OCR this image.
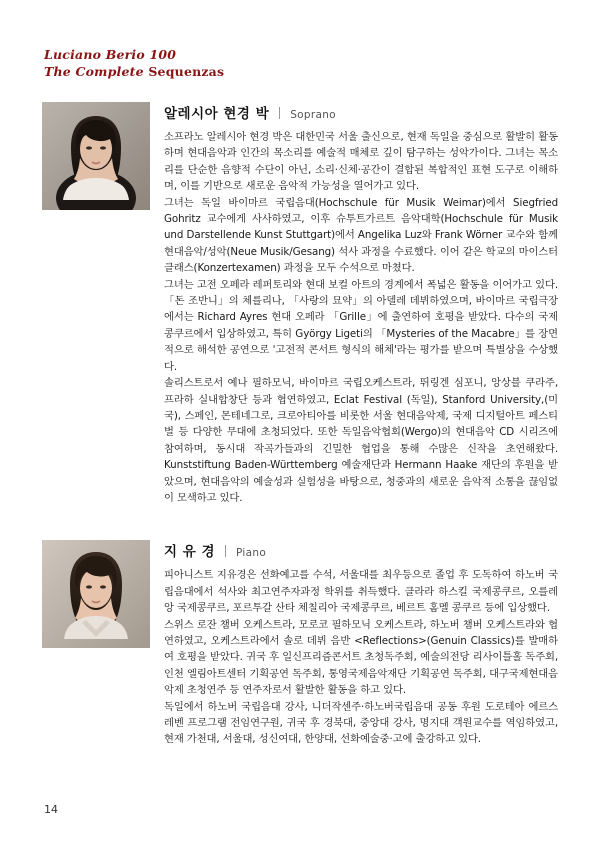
Luciano Berio 100
The Complete Sequenzas
알레시아 현경 박 Soprano

소프라노 알레시아 현경 박은 대한민국 서울 출신으로, 현재 독일을 중심으로 활발히 활동하며 현대음악과 인간의 목소리를 예술적 매체로 깊이 탐구하는 성악가이다. 그녀는 목소리를 단순한 음향적 수단이 아닌, 소리·신체·공간이 결합된 복합적인 표현 도구로 이해하며, 이를 기반으로 새로운 음악적 가능성을 열어가고 있다.

그녀는 독일 바이마르 국립음대(Hochschule für Musik Weimar)에서 Siegfried Gohritz 교수에게 사사하였고, 이후 슈투트가르트 음악대학(Hochschule für Musik und Darstellende Kunst Stuttgart)에서 Angelika Luz와 Frank Wörner 교수와 함께 현대음악/성악(Neue Musik/Gesang) 석사 과정을 수료했다. 이어 같은 학교의 마이스터 클래스(Konzertexamen) 과정을 모두 수석으로 마쳤다.

그녀는 고전 오페라 레퍼토리와 현대 보컬 아트의 경계에서 폭넓은 활동을 이어가고 있다. 「돈 조반니」의 체를리나, 「사랑의 묘약」의 아델레 데뷔하였으며, 바이마르 국립극장에서는 Richard Ayres 현대 오페라 「Grille」에 출연하여 호평을 받았다. 다수의 국제 콩쿠르에서 입상하였고, 특히 György Ligeti의 「Mysteries of the Macabre」를 장면적으로 해석한 공연으로 '고전적 콘서트 형식의 해체'라는 평가를 받으며 특별상을 수상했다.

솔리스트로서 예나 필하모닉, 바이마르 국립오케스트라, 뛰링겐 심포니, 앙상블 쿠라주, 프라하 실내합창단 등과 협연하였고, Eclat Festival (독일), Stanford University,(미국), 스페인, 몬테네그로, 크로아티아를 비롯한 서울 현대음악제, 국제 디지털아트 페스티벌 등 다양한 무대에 초청되었다. 또한 독일음악협회(Wergo)의 현대음악 CD 시리즈에 참여하며, 동시대 작곡가들과의 긴밀한 협업을 통해 수많은 신작을 초연해왔다. Kunststiftung Baden-Württemberg 예술재단과 Hermann Haake 재단의 후원을 받았으며, 현대음악의 예술성과 실험성을 바탕으로, 청중과의 새로운 음악적 소통을 끊임없이 모색하고 있다.

지 유 경 Piano

피아니스트 지유경은 선화예고를 수석, 서울대를 최우등으로 졸업 후 도독하여 하노버 국립음대에서 석사와 최고연주자과정 학위를 취득했다. 클라라 하스킬 국제콩쿠르, 오를레앙 국제콩쿠르, 포르투갈 산타 체칠리아 국제콩쿠르, 베르트 홈멜 콩쿠르 등에 입상했다.

스위스 로잔 챔버 오케스트라, 모로코 필하모닉 오케스트라, 하노버 챔버 오케스트라와 협연하였고, 오케스트라에서 솔로 데뷔 음반 <Reflections>(Genuin Classics)를 발매하여 호평을 받았다. 귀국 후 일신프리즘콘서트 초청독주회, 예술의전당 리사이틀홀 독주회, 인천 엘림아트센터 기획공연 독주회, 통영국제음악재단 기획공연 독주회, 대구국제현대음악제 초청연주 등 연주자로서 활발한 활동을 하고 있다.

독일에서 하노버 국립음대 강사, 니더작센주·하노버국립음대 공동 후원 도로테아 에르스레벤 프로그램 전임연구원, 귀국 후 경북대, 중앙대 강사, 명지대 객원교수를 역임하였고, 현재 가천대, 서울대, 성신여대, 한양대, 선화예술중·고에 출강하고 있다.

14
